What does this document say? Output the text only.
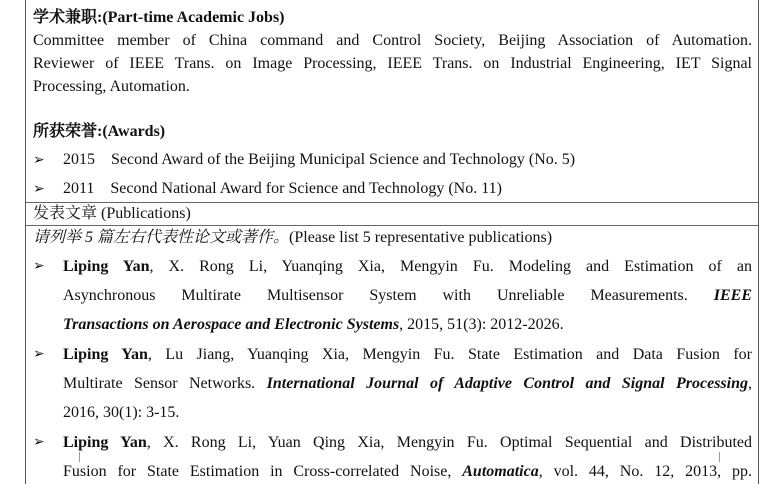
学术兼职:(Part-time Academic Jobs)
Committee member of China command and Control Society, Beijing Association of Automation.
Reviewer of IEEE Trans. on Image Processing, IEEE Trans. on Industrial Engineering, IET Signal
Processing, Automation.
所获荣誉:(Awards)
➢ 2015 Second Award of the Beijing Municipal Science and Technology (No. 5)
➢ 2011 Second National Award for Science and Technology (No. 11)
发表文章 (Publications)
请列举 5 篇左右代表性论文或著作。(Please list 5 representative publications)
➢ Liping Yan, X. Rong Li, Yuanqing Xia, Mengyin Fu. Modeling and Estimation of an
Asynchronous Multirate Multisensor System with Unreliable Measurements. IEEE
Transactions on Aerospace and Electronic Systems, 2015, 51(3): 2012-2026.
➢ Liping Yan, Lu Jiang, Yuanqing Xia, Mengyin Fu. State Estimation and Data Fusion for
Multirate Sensor Networks. International Journal of Adaptive Control and Signal Processing,
2016, 30(1): 3-15.
➢ Liping Yan, X. Rong Li, Yuan Qing Xia, Mengyin Fu. Optimal Sequential and Distributed
Fusion for State Estimation in Cross-correlated Noise, Automatica, vol. 44, No. 12, 2013, pp.
